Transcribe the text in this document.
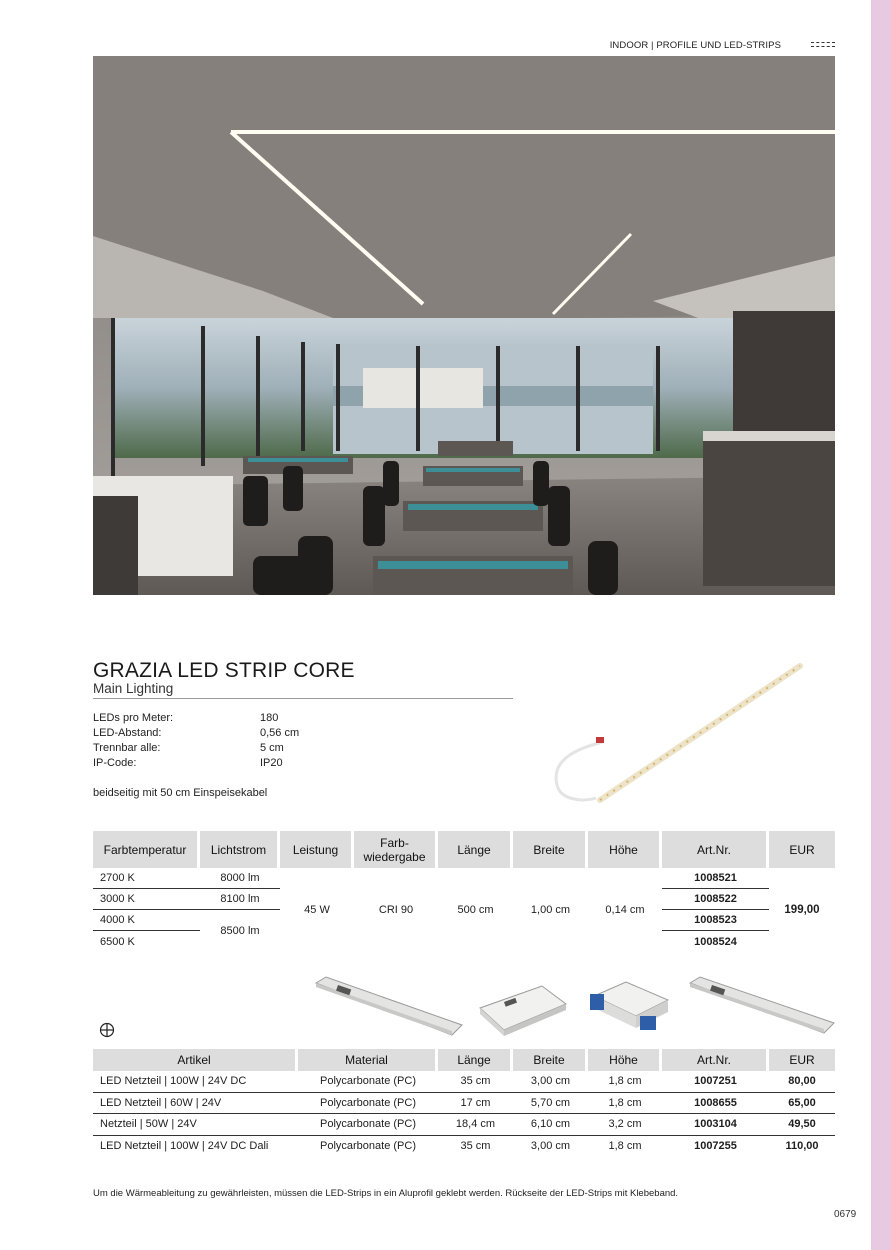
INDOOR | PROFILE UND LED-STRIPS
GRAZIA LED STRIP CORE
Main Lighting
LEDs pro Meter:	180
LED-Abstand:	0,56 cm
Trennbar alle:	5 cm
IP-Code:	IP20
beidseitig mit 50 cm Einspeisekabel
Farbtemperatur	Lichtstrom	Leistung	Farb-
wiedergabe	Länge	Breite	Höhe	Art.Nr.	EUR
2700 K	8000 lm	45 W	CRI 90	500 cm	1,00 cm	0,14 cm	1008521	199,00
3000 K	8100 lm						1008522	
4000 K	8500 lm						1008523	
6500 K							1008524	
Artikel	Material	Länge	Breite	Höhe	Art.Nr.	EUR
LED Netzteil | 100W | 24V DC	Polycarbonate (PC)	35 cm	3,00 cm	1,8 cm	1007251	80,00
LED Netzteil | 60W | 24V	Polycarbonate (PC)	17 cm	5,70 cm	1,8 cm	1008655	65,00
Netzteil | 50W | 24V	Polycarbonate (PC)	18,4 cm	6,10 cm	3,2 cm	1003104	49,50
LED Netzteil | 100W | 24V DC Dali	Polycarbonate (PC)	35 cm	3,00 cm	1,8 cm	1007255	110,00
Um die Wärmeableitung zu gewährleisten, müssen die LED-Strips in ein Aluprofil geklebt werden. Rückseite der LED-Strips mit Klebeband.
0679
